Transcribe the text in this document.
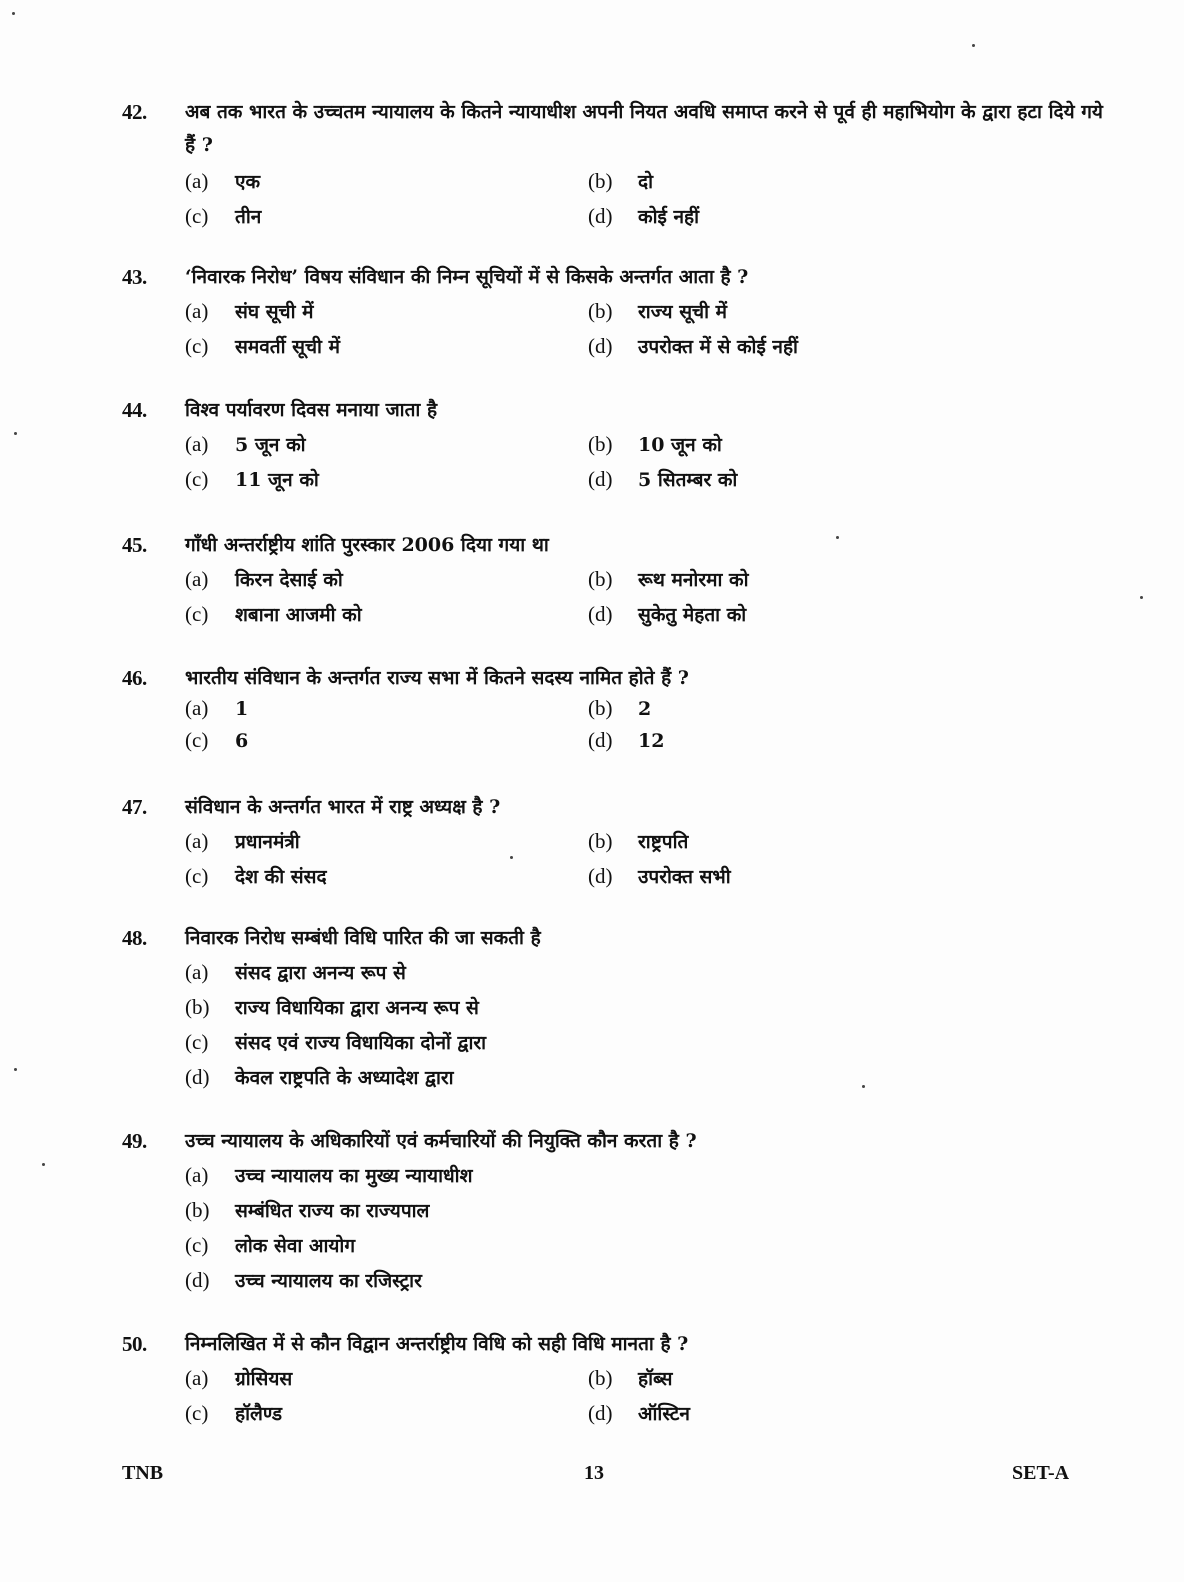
42. अब तक भारत के उच्चतम न्यायालय के कितने न्यायाधीश अपनी नियत अवधि समाप्त करने से पूर्व ही महाभियोग के द्वारा हटा दिये गये हैं ?
(a) एक	(b) दो
(c) तीन	(d) कोई नहीं
43. ‘निवारक निरोध’ विषय संविधान की निम्न सूचियों में से किसके अन्तर्गत आता है ?
(a) संघ सूची में	(b) राज्य सूची में
(c) समवर्ती सूची में	(d) उपरोक्त में से कोई नहीं
44. विश्व पर्यावरण दिवस मनाया जाता है
(a) 5 जून को	(b) 10 जून को
(c) 11 जून को	(d) 5 सितम्बर को
45. गाँधी अन्तर्राष्ट्रीय शांति पुरस्कार 2006 दिया गया था
(a) किरन देसाई को	(b) रूथ मनोरमा को
(c) शबाना आजमी को	(d) सुकेतु मेहता को
46. भारतीय संविधान के अन्तर्गत राज्य सभा में कितने सदस्य नामित होते हैं ?
(a) 1	(b) 2
(c) 6	(d) 12
47. संविधान के अन्तर्गत भारत में राष्ट्र अध्यक्ष है ?
(a) प्रधानमंत्री	(b) राष्ट्रपति
(c) देश की संसद	(d) उपरोक्त सभी
48. निवारक निरोध सम्बंधी विधि पारित की जा सकती है
(a) संसद द्वारा अनन्य रूप से
(b) राज्य विधायिका द्वारा अनन्य रूप से
(c) संसद एवं राज्य विधायिका दोनों द्वारा
(d) केवल राष्ट्रपति के अध्यादेश द्वारा
49. उच्च न्यायालय के अधिकारियों एवं कर्मचारियों की नियुक्ति कौन करता है ?
(a) उच्च न्यायालय का मुख्य न्यायाधीश
(b) सम्बंधित राज्य का राज्यपाल
(c) लोक सेवा आयोग
(d) उच्च न्यायालय का रजिस्ट्रार
50. निम्नलिखित में से कौन विद्वान अन्तर्राष्ट्रीय विधि को सही विधि मानता है ?
(a) ग्रोसियस	(b) हॉब्स
(c) हॉलैण्ड	(d) ऑस्टिन
TNB	13	SET-A
